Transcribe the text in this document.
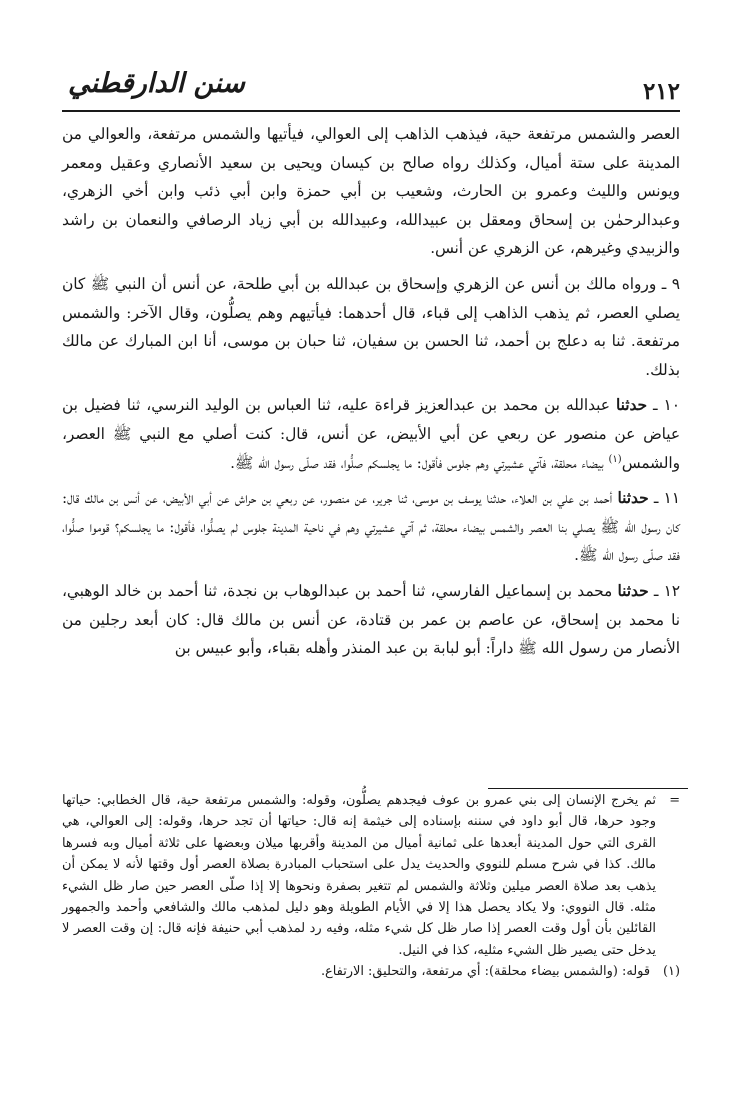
٢١٢
سنن الدارقطني

العصر والشمس مرتفعة حية، فيذهب الذاهب إلى العوالي، فيأتيها والشمس مرتفعة، والعوالي من المدينة على ستة أميال، وكذلك رواه صالح بن كيسان ويحيى بن سعيد الأنصاري وعقيل ومعمر ويونس والليث وعمرو بن الحارث، وشعيب بن أبي حمزة وابن أبي ذئب وابن أخي الزهري، وعبدالرحمٰن بن إسحاق ومعقل بن عبيدالله، وعبيدالله بن أبي زياد الرصافي والنعمان بن راشد والزبيدي وغيرهم، عن الزهري عن أنس.

٩ ـ ورواه مالك بن أنس عن الزهري وإسحاق بن عبدالله بن أبي طلحة، عن أنس أن النبي ﷺ كان يصلي العصر، ثم يذهب الذاهب إلى قباء، قال أحدهما: فيأتيهم وهم يصلُّون، وقال الآخر: والشمس مرتفعة. ثنا به دعلج بن أحمد، ثنا الحسن بن سفيان، ثنا حبان بن موسى، أنا ابن المبارك عن مالك بذلك.

١٠ ـ حدثنا عبدالله بن محمد بن عبدالعزيز قراءة عليه، ثنا العباس بن الوليد النرسي، ثنا فضيل بن عياض عن منصور عن ربعي عن أبي الأبيض، عن أنس، قال: كنت أصلي مع النبي ﷺ العصر، والشمس$^{(١)}$ بيضاء محلقة، فآتي عشيرتي وهم جلوس فأقول: ما يجلسكم صلُّوا، فقد صلّى رسول الله ﷺ.

١١ ـ حدثنا أحمد بن علي بن العلاء، حدثنا يوسف بن موسى، ثنا جرير، عن منصور، عن ربعي بن حراش عن أبي الأبيض، عن أنس بن مالك قال: كان رسول الله ﷺ يصلي بنا العصر والشمس بيضاء محلقة، ثم آتي عشيرتي وهم في ناحية المدينة جلوس لم يصلُّوا، فأقول: ما يجلسكم؟ قوموا صلُّوا، فقد صلّى رسول الله ﷺ.

١٢ ـ حدثنا محمد بن إسماعيل الفارسي، ثنا أحمد بن عبدالوهاب بن نجدة، ثنا أحمد بن خالد الوهبي، نا محمد بن إسحاق، عن عاصم بن عمر بن قتادة، عن أنس بن مالك قال: كان أبعد رجلين من الأنصار من رسول الله ﷺ داراً: أبو لبابة بن عبد المنذر وأهله بقباء، وأبو عبيس بن

=

ثم يخرج الإنسان إلى بني عمرو بن عوف فيجدهم يصلُّون، وقوله: والشمس مرتفعة حية، قال الخطابي: حياتها وجود حرها، قال أبو داود في سننه بإسناده إلى خيثمة إنه قال: حياتها أن تجد حرها، وقوله: إلى العوالي، هي القرى التي حول المدينة أبعدها على ثمانية أميال من المدينة وأقربها ميلان وبعضها على ثلاثة أميال وبه فسرها مالك. كذا في شرح مسلم للنووي والحديث يدل على استحباب المبادرة بصلاة العصر أول وقتها لأنه لا يمكن أن يذهب بعد صلاة العصر ميلين وثلاثة والشمس لم تتغير بصفرة ونحوها إلا إذا صلّى العصر حين صار ظل الشيء مثله. قال النووي: ولا يكاد يحصل هذا إلا في الأيام الطويلة وهو دليل لمذهب مالك والشافعي وأحمد والجمهور القائلين بأن أول وقت العصر إذا صار ظل كل شيء مثله، وفيه رد لمذهب أبي حنيفة فإنه قال: إن وقت العصر لا يدخل حتى يصير ظل الشيء مثليه، كذا في النيل.

(١)

قوله: (والشمس بيضاء محلقة): أي مرتفعة، والتحليق: الارتفاع.
